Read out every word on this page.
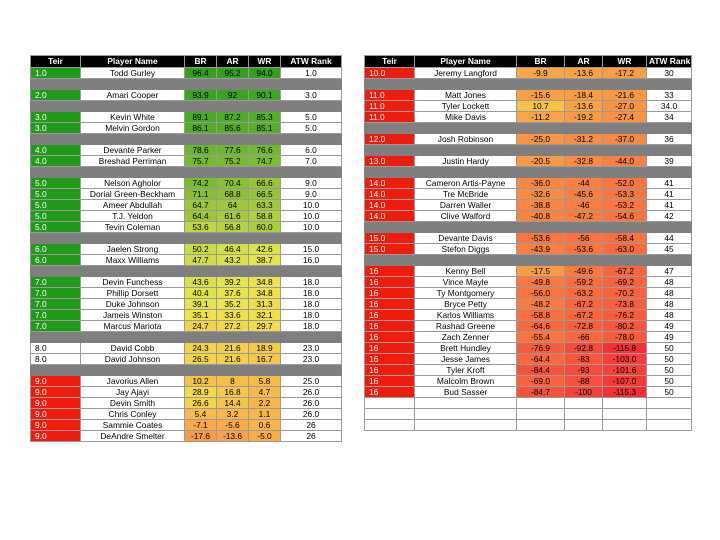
Teir	Player Name	BR	AR	WR	ATW Rank
1.0	Todd Gurley	96.4	95.2	94.0	1.0

2.0	Amari Cooper	93.9	92	90.1	3.0

3.0	Kevin White	89.1	87.2	85.3	5.0
3.0	Melvin Gordon	86.1	85.6	85.1	5.0

4.0	Devante Parker	78.6	77.6	76.6	6.0
4.0	Breshad Perriman	75.7	75.2	74.7	7.0

5.0	Nelson Agholor	74.2	70.4	66.6	9.0
5.0	Dorial Green-Beckham	71.1	68.8	66.5	9.0
5.0	Ameer Abdullah	64.7	64	63.3	10.0
5.0	T.J. Yeldon	64.4	61.6	58.8	10.0
5.0	Tevin Coleman	53.6	56.8	60.0	10.0

6.0	Jaelen Strong	50.2	46.4	42.6	15.0
6.0	Maxx Williams	47.7	43.2	38.7	16.0

7.0	Devin Funchess	43.6	39.2	34.8	18.0
7.0	Phillip Dorsett	40.4	37.6	34.8	18.0
7.0	Duke Johnson	39.1	35.2	31.3	18.0
7.0	Jameis Winston	35.1	33.6	32.1	18.0
7.0	Marcus Mariota	24.7	27.2	29.7	18.0

8.0	David Cobb	24.3	21.6	18.9	23.0
8.0	David Johnson	26.5	21.6	16.7	23.0

9.0	Javorius Allen	10.2	8	5.8	25.0
9.0	Jay Ajayi	28.9	16.8	4.7	26.0
9.0	Devin Smith	26.6	14.4	2.2	26.0
9.0	Chris Conley	5.4	3.2	1.1	26.0
9.0	Sammie Coates	-7.1	-5.6	0.6	26
9.0	DeAndre Smelter	-17.6	-13.6	-5.0	26
Teir	Player Name	BR	AR	WR	ATW Rank
10.0	Jeremy Langford	-9.9	-13.6	-17.2	30

11.0	Matt Jones	-15.6	-18.4	-21.6	33
11.0	Tyler Lockett	10.7	-13.6	-27.0	34.0
11.0	Mike Davis	-11.2	-19.2	-27.4	34

12.0	Josh Robinson	-25.0	-31.2	-37.0	36

13.0	Justin Hardy	-20.5	-32.8	-44.0	39

14.0	Cameron Artis-Payne	-36.0	-44	-52.0	41
14.0	Tre McBride	-32.6	-45.6	-53.3	41
14.0	Darren Waller	-38.8	-46	-53.2	41
14.0	Clive Walford	-40.8	-47.2	-54.6	42

15.0	Devante Davis	-53.6	-56	-58.4	44
15.0	Stefon Diggs	-43.9	-53.6	-63.0	45

16	Kenny Bell	-17.5	-49.6	-67.2	47
16	Vince Mayle	-49.8	-59.2	-69.2	48
16	Ty Montgomery	-56.0	-63.2	-70.2	48
16	Bryce Petty	-48.2	-67.2	-73.8	48
16	Karlos Williams	-58.8	-67.2	-76.2	48
16	Rashad Greene	-64.6	-72.8	-80.2	49
16	Zach Zenner	-55.4	-66	-78.0	49
16	Brett Hundley	-76.9	-92.8	-115.8	50
16	Jesse James	-64.4	-83	-103.0	50
16	Tyler Kroft	-84.4	-93	-101.6	50
16	Malcolm Brown	-69.0	-88	-107.0	50
16	Bud Sasser	-84.7	-100	-115.3	50
